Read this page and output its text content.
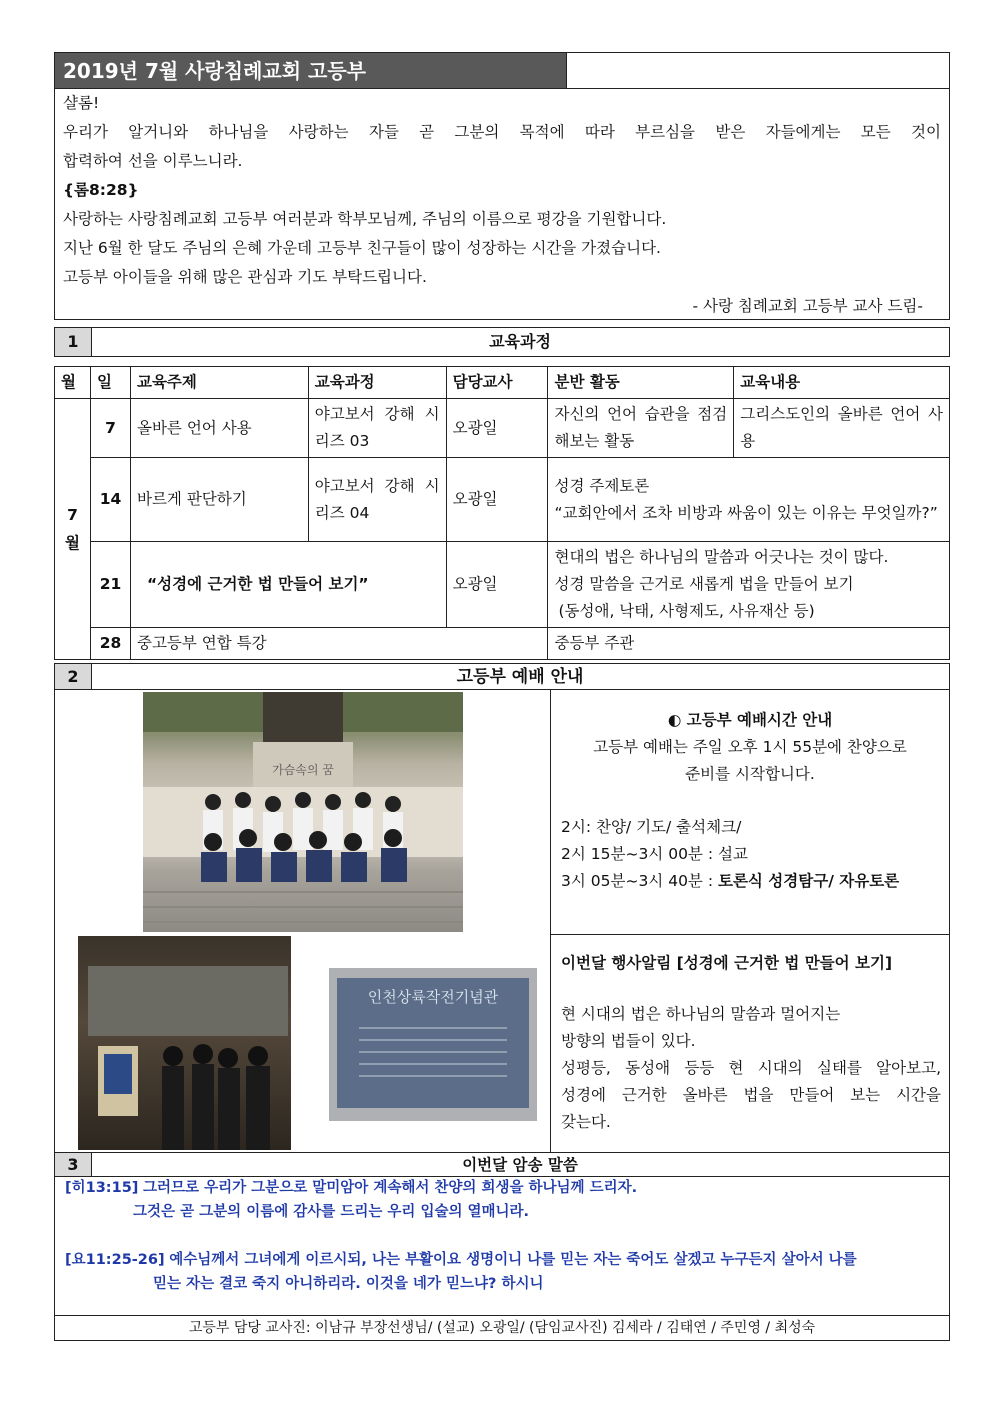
2019년 7월 사랑침례교회 고등부
샬롬!
우리가 알거니와 하나님을 사랑하는 자들 곧 그분의 목적에 따라 부르심을 받은 자들에게는 모든 것이
합력하여 선을 이루느니라.
{롬8:28}
사랑하는 사랑침례교회 고등부 여러분과 학부모님께, 주님의 이름으로 평강을 기원합니다.
지난 6월 한 달도 주님의 은혜 가운데 고등부 친구들이 많이 성장하는 시간을 가졌습니다.
고등부 아이들을 위해 많은 관심과 기도 부탁드립니다.
- 사랑 침례교회 고등부 교사 드림-
1	교육과정
월	일	교육주제	교육과정	담당교사	분반 활동	교육내용
7월	7	올바른 언어 사용	야고보서 강해 시리즈 03	오광일	자신의 언어 습관을 점검해보는 활동	그리스도인의 올바른 언어 사용
	14	바르게 판단하기	야고보서 강해 시리즈 04	오광일	성경 주제토론
“교회안에서 조차 비방과 싸움이 있는 이유는 무엇일까?”	

	21	“성경에 근거한 법 만들어 보기”		오광일	현대의 법은 하나님의 말씀과 어긋나는 것이 많다.
성경 말씀을 근거로 새롭게 법을 만들어 보기
(동성애, 낙태, 사형제도, 사유재산 등)	

	28	중고등부 연합 특강			중등부 주관	
2	고등부 예배 안내
가슴속의 꿈
인천상륙작전기념관
◐ 고등부 예배시간 안내
고등부 예배는 주일 오후 1시 55분에 찬양으로
준비를 시작합니다.
2시: 찬양/ 기도/ 출석체크/
2시 15분~3시 00분 : 설교
3시 05분~3시 40분 : 토론식 성경탐구/ 자유토론
이번달 행사알림 [성경에 근거한 법 만들어 보기]
현 시대의 법은 하나님의 말씀과 멀어지는
방향의 법들이 있다.
성평등, 동성애 등등 현 시대의 실태를 알아보고,
성경에 근거한 올바른 법을 만들어 보는 시간을
갖는다.
3	이번달 암송 말씀
[히13:15] 그러므로 우리가 그분으로 말미암아 계속해서 찬양의 희생을 하나님께 드리자.
그것은 곧 그분의 이름에 감사를 드리는 우리 입술의 열매니라.
[요11:25-26] 예수님께서 그녀에게 이르시되, 나는 부활이요 생명이니 나를 믿는 자는 죽어도 살겠고 누구든지 살아서 나를
믿는 자는 결코 죽지 아니하리라. 이것을 네가 믿느냐? 하시니
고등부 담당 교사진: 이남규 부장선생님/ (설교) 오광일/ (담임교사진) 김세라 / 김태연 / 주민영 / 최성숙
